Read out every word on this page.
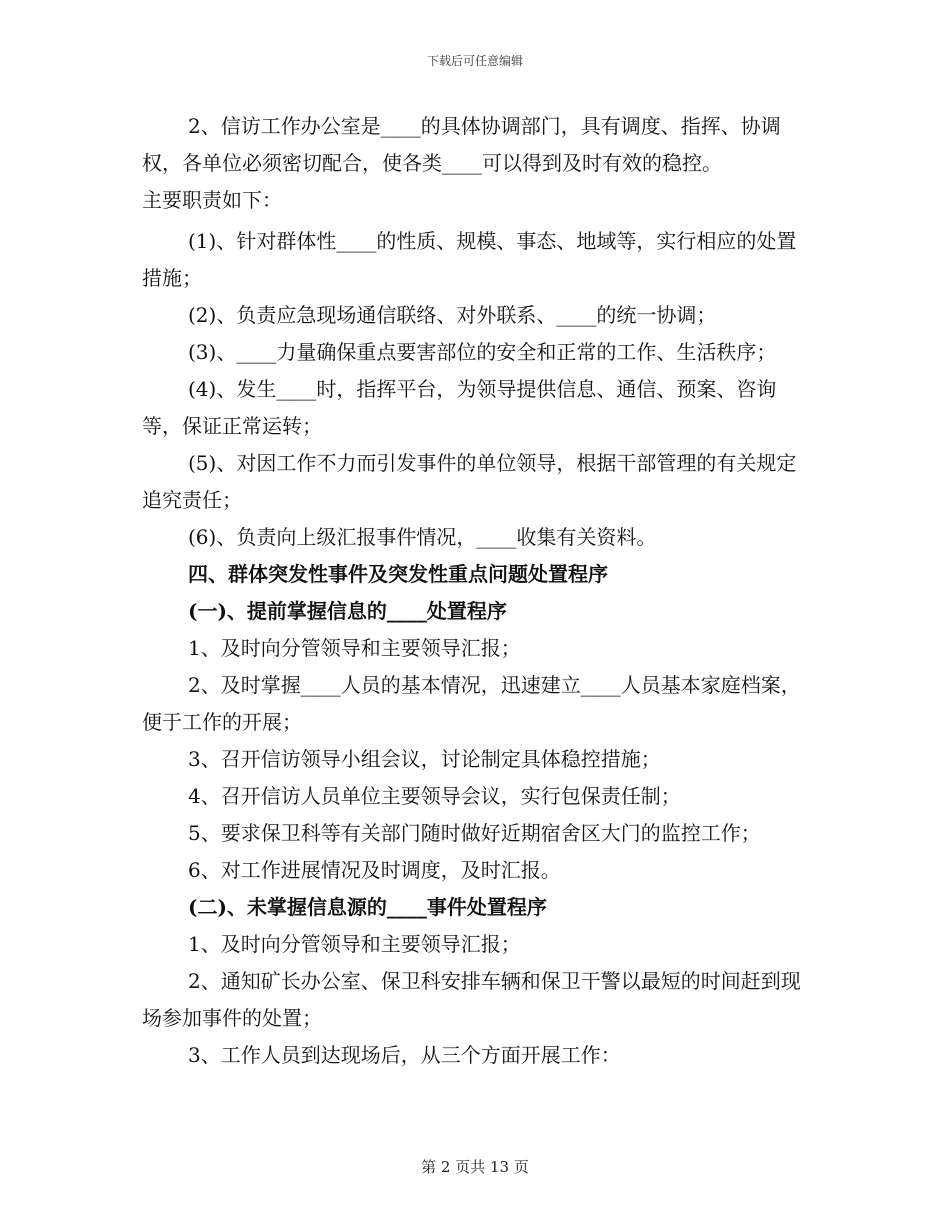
下载后可任意编辑

2、信访工作办公室是____的具体协调部门，具有调度、指挥、协调权，各单位必须密切配合，使各类____可以得到及时有效的稳控。

主要职责如下：

(1)、针对群体性____的性质、规模、事态、地域等，实行相应的处置措施；

(2)、负责应急现场通信联络、对外联系、____的统一协调；

(3)、____力量确保重点要害部位的安全和正常的工作、生活秩序；

(4)、发生____时，指挥平台，为领导提供信息、通信、预案、咨询等，保证正常运转；

(5)、对因工作不力而引发事件的单位领导，根据干部管理的有关规定追究责任；

(6)、负责向上级汇报事件情况，____收集有关资料。

四、群体突发性事件及突发性重点问题处置程序

(一)、提前掌握信息的____处置程序

1、及时向分管领导和主要领导汇报；

2、及时掌握____人员的基本情况，迅速建立____人员基本家庭档案，便于工作的开展；

3、召开信访领导小组会议，讨论制定具体稳控措施；

4、召开信访人员单位主要领导会议，实行包保责任制；

5、要求保卫科等有关部门随时做好近期宿舍区大门的监控工作；

6、对工作进展情况及时调度，及时汇报。

(二)、未掌握信息源的____事件处置程序

1、及时向分管领导和主要领导汇报；

2、通知矿长办公室、保卫科安排车辆和保卫干警以最短的时间赶到现场参加事件的处置；

3、工作人员到达现场后，从三个方面开展工作：

第 2 页共 13 页
